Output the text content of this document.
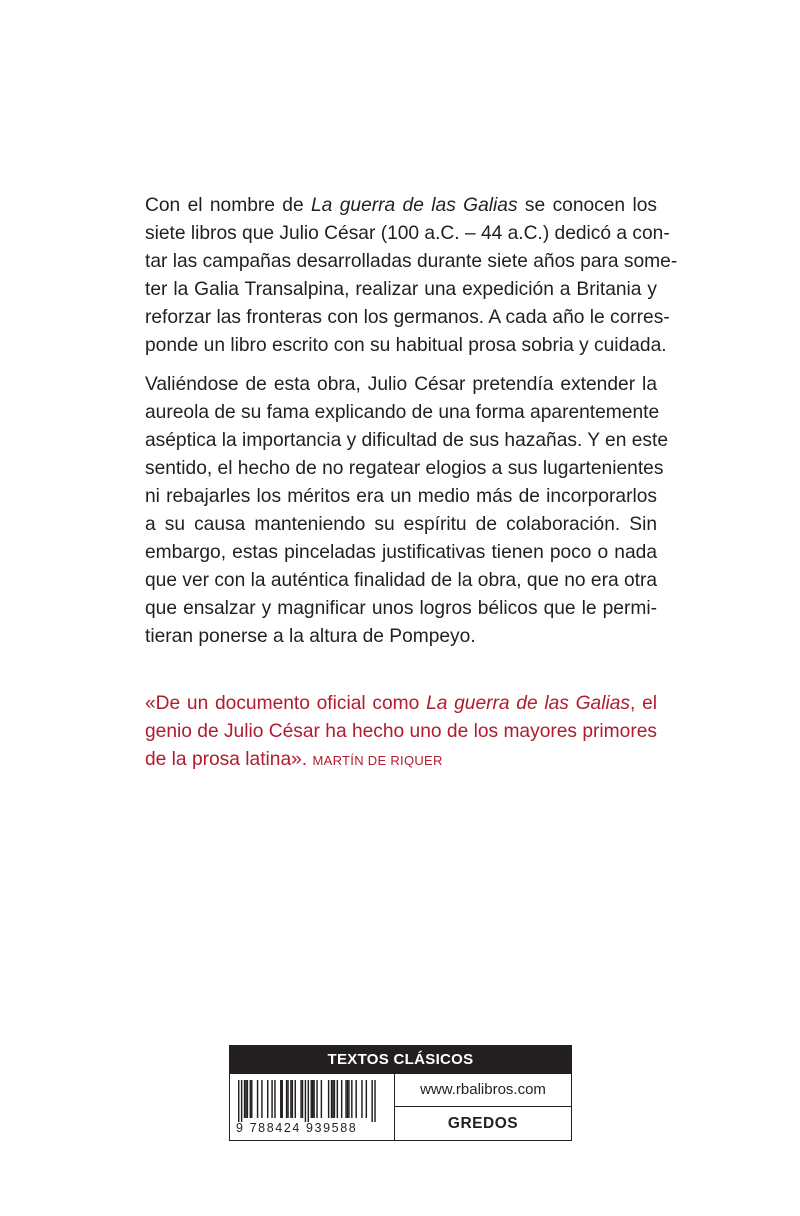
Con el nombre de La guerra de las Galias se conocen los
siete libros que Julio César (100 a.C. – 44 a.C.) dedicó a con-
tar las campañas desarrolladas durante siete años para some-
ter la Galia Transalpina, realizar una expedición a Britania y
reforzar las fronteras con los germanos. A cada año le corres-
ponde un libro escrito con su habitual prosa sobria y cuidada.
Valiéndose de esta obra, Julio César pretendía extender la
aureola de su fama explicando de una forma aparentemente
aséptica la importancia y dificultad de sus hazañas. Y en este
sentido, el hecho de no regatear elogios a sus lugartenientes
ni rebajarles los méritos era un medio más de incorporarlos
a su causa manteniendo su espíritu de colaboración. Sin
embargo, estas pinceladas justificativas tienen poco o nada
que ver con la auténtica finalidad de la obra, que no era otra
que ensalzar y magnificar unos logros bélicos que le permi-
tieran ponerse a la altura de Pompeyo.
«De un documento oficial como La guerra de las Galias, el
genio de Julio César ha hecho uno de los mayores primores
de la prosa latina». MARTÍN DE RIQUER
TEXTOS CLÁSICOS
9 788424 939588
www.rbalibros.com
GREDOS
